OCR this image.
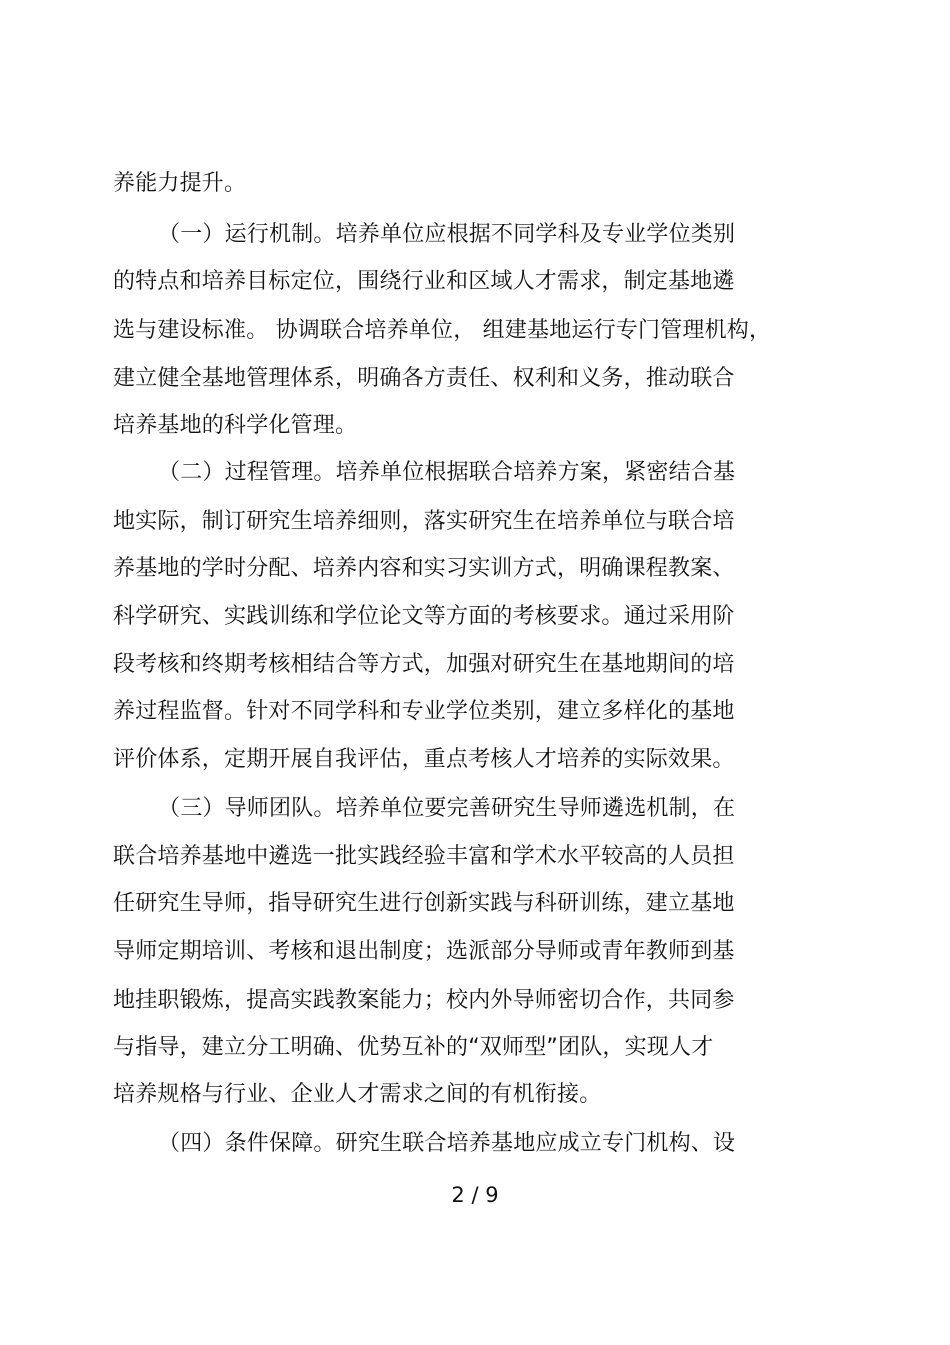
养能力提升。
（一）运行机制。培养单位应根据不同学科及专业学位类别
的特点和培养目标定位，围绕行业和区域人才需求，制定基地遴
选与建设标准。 协调联合培养单位， 组建基地运行专门管理机构，
建立健全基地管理体系，明确各方责任、权利和义务，推动联合
培养基地的科学化管理。
（二）过程管理。培养单位根据联合培养方案，紧密结合基
地实际，制订研究生培养细则，落实研究生在培养单位与联合培
养基地的学时分配、培养内容和实习实训方式，明确课程教案、
科学研究、实践训练和学位论文等方面的考核要求。通过采用阶
段考核和终期考核相结合等方式，加强对研究生在基地期间的培
养过程监督。针对不同学科和专业学位类别，建立多样化的基地
评价体系，定期开展自我评估，重点考核人才培养的实际效果。
（三）导师团队。培养单位要完善研究生导师遴选机制，在
联合培养基地中遴选一批实践经验丰富和学术水平较高的人员担
任研究生导师，指导研究生进行创新实践与科研训练，建立基地
导师定期培训、考核和退出制度；选派部分导师或青年教师到基
地挂职锻炼，提高实践教案能力；校内外导师密切合作，共同参
与指导，建立分工明确、优势互补的“双师型”团队，实现人才
培养规格与行业、企业人才需求之间的有机衔接。
（四）条件保障。研究生联合培养基地应成立专门机构、设
2 / 9
